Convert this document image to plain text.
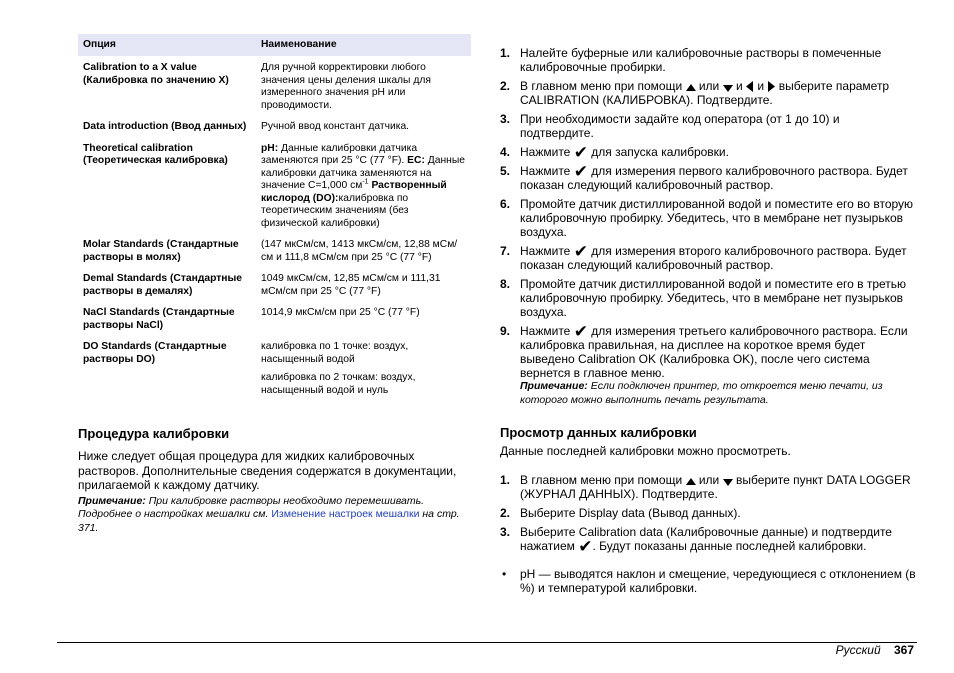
Опция	Наименование
Calibration to a X value (Калибровка по значению X)	Для ручной корректировки любого значения цены деления шкалы для измеренного значения pH или проводимости.
Data introduction (Ввод данных)	Ручной ввод констант датчика.
Theoretical calibration (Теоретическая калибровка)	pH: Данные калибровки датчика заменяются при 25 °C (77 °F). EC: Данные калибровки датчика заменяются на значение C=1,000 $см^{-1}$ Растворенный кислород (DO):калибровка по теоретическим значениям (без физической калибровки)
Molar Standards (Стандартные растворы в молях)	(147 мкСм/см, 1413 мкСм/см, 12,88 мСм/см и 111,8 мСм/см при 25 °C (77 °F)
Demal Standards (Стандартные растворы в демалях)	1049 мкСм/см, 12,85 мСм/см и 111,31 мСм/см при 25 °C (77 °F)
NaCl Standards (Стандартные растворы NaCl)	1014,9 мкСм/см при 25 °C (77 °F)
DO Standards (Стандартные растворы DO)	калибровка по 1 точке: воздух, насыщенный водой

калибровка по 2 точкам: воздух, насыщенный водой и нуль

Процедура калибровки

Ниже следует общая процедура для жидких калибровочных растворов. Дополнительные сведения содержатся в документации, прилагаемой к каждому датчику.

Примечание: При калибровке растворы необходимо перемешивать. Подробнее о настройках мешалки см. Изменение настроек мешалки на стр. 371.

1. Налейте буферные или калибровочные растворы в помеченные калибровочные пробирки.
2. В главном меню при помощи или и и выберите параметр CALIBRATION (КАЛИБРОВКА). Подтвердите.
3. При необходимости задайте код оператора (от 1 до 10) и подтвердите.
4. Нажмите ✔ для запуска калибровки.
5. Нажмите ✔ для измерения первого калибровочного раствора. Будет показан следующий калибровочный раствор.
6. Промойте датчик дистиллированной водой и поместите его во вторую калибровочную пробирку. Убедитесь, что в мембране нет пузырьков воздуха.
7. Нажмите ✔ для измерения второго калибровочного раствора. Будет показан следующий калибровочный раствор.
8. Промойте датчик дистиллированной водой и поместите его в третью калибровочную пробирку. Убедитесь, что в мембране нет пузырьков воздуха.
9. Нажмите ✔ для измерения третьего калибровочного раствора. Если калибровка правильная, на дисплее на короткое время будет выведено Calibration OK (Калибровка OK), после чего система вернется в главное меню.

Примечание: Если подключен принтер, то откроется меню печати, из которого можно выполнить печать результата.

Просмотр данных калибровки

Данные последней калибровки можно просмотреть.

1. В главном меню при помощи или выберите пункт DATA LOGGER (ЖУРНАЛ ДАННЫХ). Подтвердите.
2. Выберите Display data (Вывод данных).
3. Выберите Calibration data (Калибровочные данные) и подтвердите нажатием ✔. Будут показаны данные последней калибровки.
• pH — выводятся наклон и смещение, чередующиеся с отклонением (в %) и температурой калибровки.
Русский 367
